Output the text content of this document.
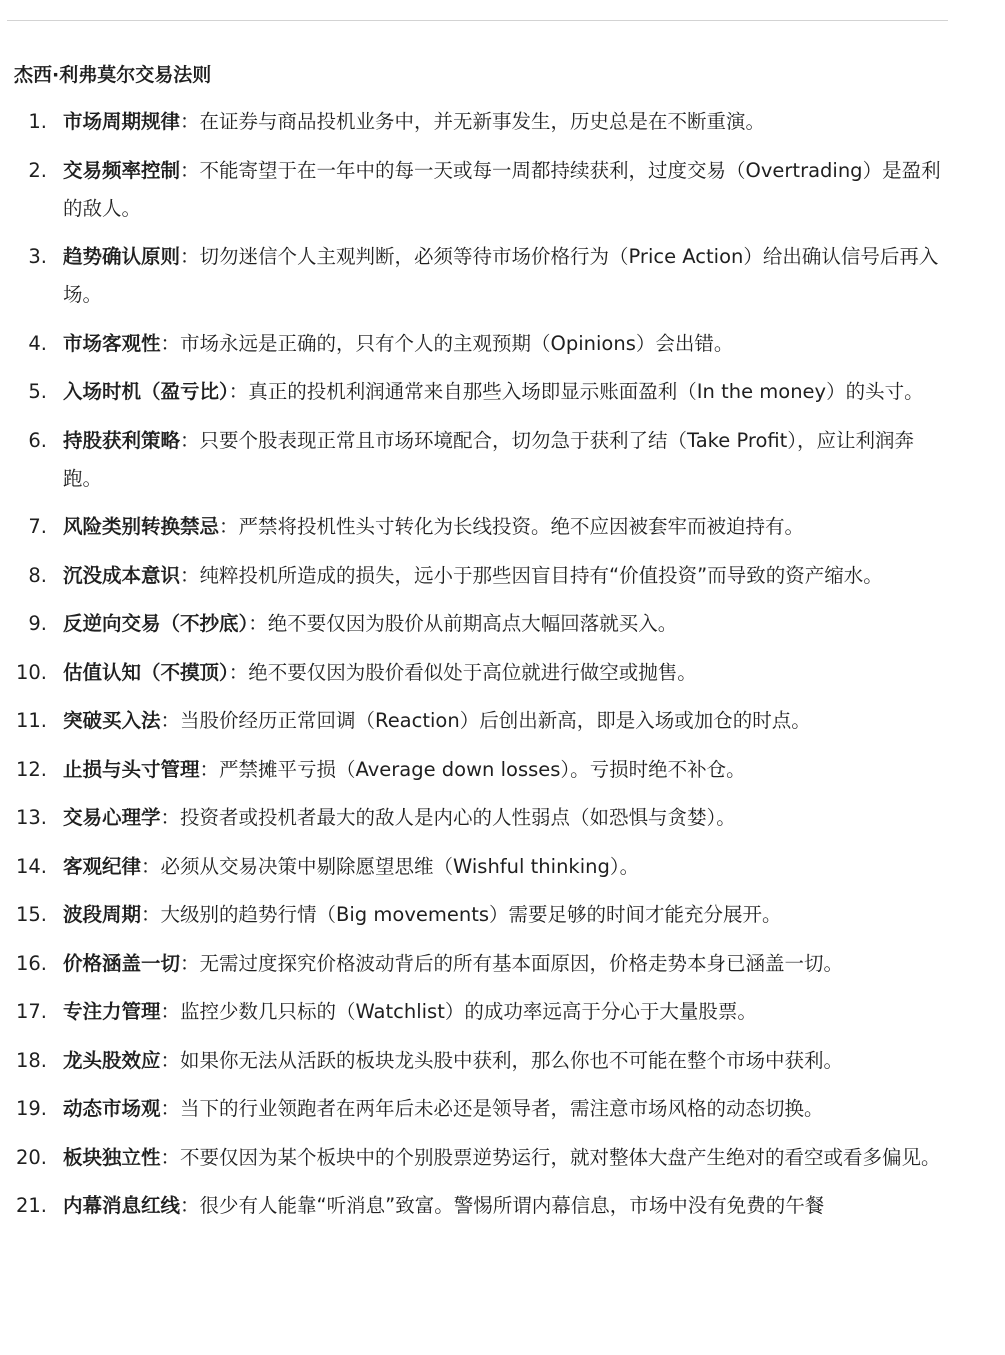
杰西·利弗莫尔交易法则
1. 市场周期规律：在证券与商品投机业务中，并无新事发生，历史总是在不断重演。
2. 交易频率控制：不能寄望于在一年中的每一天或每一周都持续获利，过度交易（Overtrading）是盈利的敌人。
3. 趋势确认原则：切勿迷信个人主观判断，必须等待市场价格行为（Price Action）给出确认信号后再入场。
4. 市场客观性：市场永远是正确的，只有个人的主观预期（Opinions）会出错。
5. 入场时机（盈亏比）：真正的投机利润通常来自那些入场即显示账面盈利（In the money）的头寸。
6. 持股获利策略：只要个股表现正常且市场环境配合，切勿急于获利了结（Take Profit），应让利润奔跑。
7. 风险类别转换禁忌：严禁将投机性头寸转化为长线投资。绝不应因被套牢而被迫持有。
8. 沉没成本意识：纯粹投机所造成的损失，远小于那些因盲目持有“价值投资”而导致的资产缩水。
9. 反逆向交易（不抄底）：绝不要仅因为股价从前期高点大幅回落就买入。
10. 估值认知（不摸顶）：绝不要仅因为股价看似处于高位就进行做空或抛售。
11. 突破买入法：当股价经历正常回调（Reaction）后创出新高，即是入场或加仓的时点。
12. 止损与头寸管理：严禁摊平亏损（Average down losses）。亏损时绝不补仓。
13. 交易心理学：投资者或投机者最大的敌人是内心的人性弱点（如恐惧与贪婪）。
14. 客观纪律：必须从交易决策中剔除愿望思维（Wishful thinking）。
15. 波段周期：大级别的趋势行情（Big movements）需要足够的时间才能充分展开。
16. 价格涵盖一切：无需过度探究价格波动背后的所有基本面原因，价格走势本身已涵盖一切。
17. 专注力管理：监控少数几只标的（Watchlist）的成功率远高于分心于大量股票。
18. 龙头股效应：如果你无法从活跃的板块龙头股中获利，那么你也不可能在整个市场中获利。
19. 动态市场观：当下的行业领跑者在两年后未必还是领导者，需注意市场风格的动态切换。
20. 板块独立性：不要仅因为某个板块中的个别股票逆势运行，就对整体大盘产生绝对的看空或看多偏见。
21. 内幕消息红线：很少有人能靠“听消息”致富。警惕所谓内幕信息，市场中没有免费的午餐
